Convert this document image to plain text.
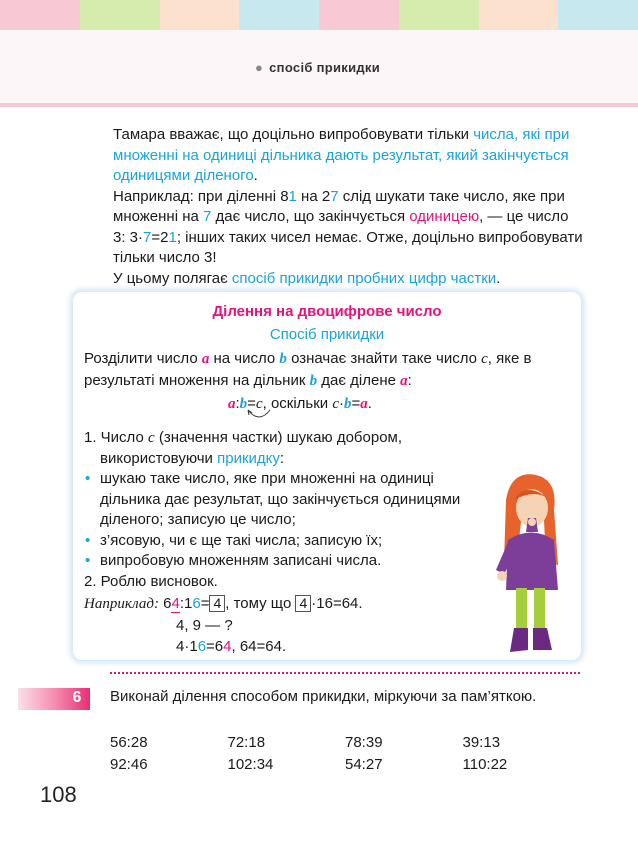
● спосіб прикидки
Тамара вважає, що доцільно випробовувати тільки числа, які при множенні на одиниці дільника дають результат, який закінчується одиницями діленого.
Наприклад: при діленні 81 на 27 слід шукати таке число, яке при множенні на 7 дає число, що закінчується одиницею, — це число 3: 3·7=21; інших таких чисел немає. Отже, доцільно випробовувати тільки число 3!
У цьому полягає спосіб прикидки пробних цифр частки.
Ділення на двоцифрове число
Спосіб прикидки
Розділити число a на число b означає знайти таке число c, яке в результаті множення на дільник b дає ділене a:
a:b=c, оскільки c·b=a.
1. Число c (значення частки) шукаю добором,
використовуючи прикидку:
• шукаю таке число, яке при множенні на одиниці дільника дає результат, що закінчується одиницями діленого; записую це число;
• з’ясовую, чи є ще такі числа; записую їх;
• випробовую множенням записані числа.
2. Роблю висновок.
Наприклад: 64:16= 4 , тому що 4 ·16=64.
4, 9 — ?
4·16=64, 64=64.
6	Виконай ділення способом прикидки, міркуючи за пам’яткою.
56:28	72:18	78:39	39:13
92:46	102:34	54:27	110:22
108
